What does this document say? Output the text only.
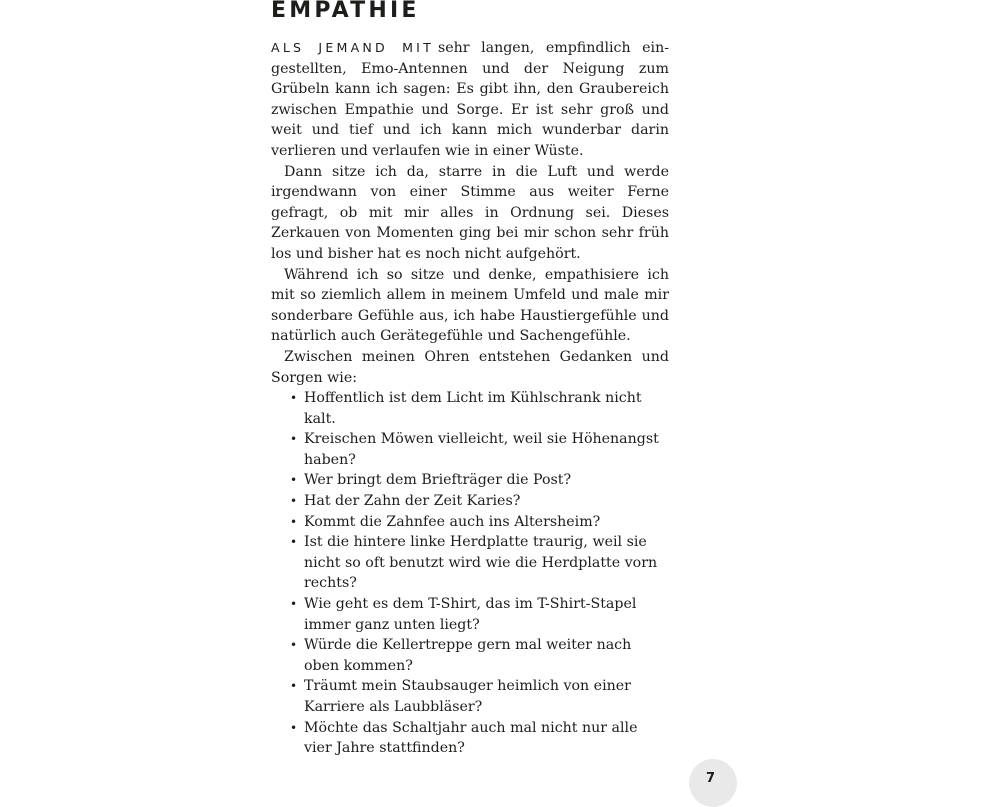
EMPATHIE

ALS JEMAND MIT sehr langen, empfindlich eingestellten, Emo-Antennen und der Neigung zum Grübeln kann ich sagen: Es gibt ihn, den Graubereich zwischen Empathie und Sorge. Er ist sehr groß und weit und tief und ich kann mich wunderbar darin verlieren und verlaufen wie in einer Wüste.

Dann sitze ich da, starre in die Luft und werde irgendwann von einer Stimme aus weiter Ferne gefragt, ob mit mir alles in Ordnung sei. Dieses Zerkauen von Momenten ging bei mir schon sehr früh los und bisher hat es noch nicht aufgehört.

Während ich so sitze und denke, empathisiere ich mit so ziemlich allem in meinem Umfeld und male mir sonderbare Gefühle aus, ich habe Haustiergefühle und natürlich auch Gerätegefühle und Sachengefühle.

Zwischen meinen Ohren entstehen Gedanken und Sorgen wie:

• Hoffentlich ist dem Licht im Kühlschrank nicht kalt.
• Kreischen Möwen vielleicht, weil sie Höhenangst haben?
• Wer bringt dem Briefträger die Post?
• Hat der Zahn der Zeit Karies?
• Kommt die Zahnfee auch ins Altersheim?
• Ist die hintere linke Herdplatte traurig, weil sie nicht so oft benutzt wird wie die Herdplatte vorn rechts?
• Wie geht es dem T-Shirt, das im T-Shirt-Stapel immer ganz unten liegt?
• Würde die Kellertreppe gern mal weiter nach oben kommen?
• Träumt mein Staubsauger heimlich von einer Karriere als Laubbläser?
• Möchte das Schaltjahr auch mal nicht nur alle vier Jahre stattfinden?
7
